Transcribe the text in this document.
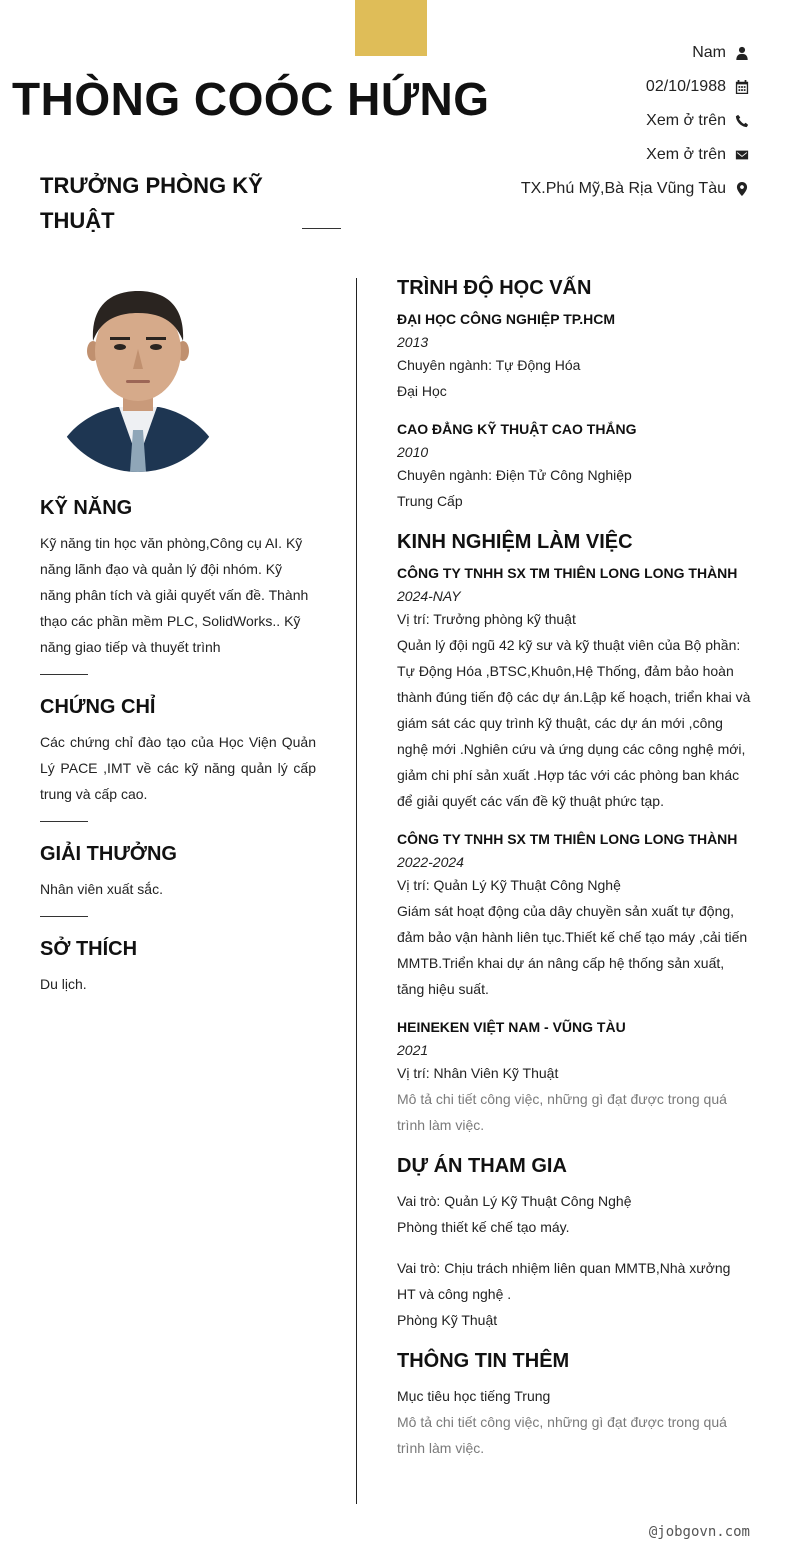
THÒNG COÓC HỨNG
TRƯỞNG PHÒNG KỸ THUẬT
Nam
02/10/1988
Xem ở trên
Xem ở trên
TX.Phú Mỹ,Bà Rịa Vũng Tàu
KỸ NĂNG
Kỹ năng tin học văn phòng,Công cụ AI. Kỹ năng lãnh đạo và quản lý đội nhóm. Kỹ năng phân tích và giải quyết vấn đề. Thành thạo các phần mềm PLC, SolidWorks.. Kỹ năng giao tiếp và thuyết trình
CHỨNG CHỈ
Các chứng chỉ đào tạo của Học Viện Quản Lý PACE ,IMT về các kỹ năng quản lý cấp trung và cấp cao.
GIẢI THƯỞNG
Nhân viên xuất sắc.
SỞ THÍCH
Du lịch.
TRÌNH ĐỘ HỌC VẤN
ĐẠI HỌC CÔNG NGHIỆP TP.HCM
2013
Chuyên ngành: Tự Động Hóa
Đại Học
CAO ĐẲNG KỸ THUẬT CAO THẮNG
2010
Chuyên ngành: Điện Tử Công Nghiệp
Trung Cấp
KINH NGHIỆM LÀM VIỆC
CÔNG TY TNHH SX TM THIÊN LONG LONG THÀNH
2024-NAY
Vị trí: Trưởng phòng kỹ thuật
Quản lý đội ngũ 42 kỹ sư và kỹ thuật viên của Bộ phần: Tự Động Hóa ,BTSC,Khuôn,Hệ Thống, đảm bảo hoàn thành đúng tiến độ các dự án.Lập kế hoạch, triển khai và giám sát các quy trình kỹ thuật, các dự án mới ,công nghệ mới .Nghiên cứu và ứng dụng các công nghệ mới, giảm chi phí sản xuất .Hợp tác với các phòng ban khác để giải quyết các vấn đề kỹ thuật phức tạp.
CÔNG TY TNHH SX TM THIÊN LONG LONG THÀNH
2022-2024
Vị trí: Quản Lý Kỹ Thuật Công Nghệ
Giám sát hoạt động của dây chuyền sản xuất tự động, đảm bảo vận hành liên tục.Thiết kế chế tạo máy ,cải tiến MMTB.Triển khai dự án nâng cấp hệ thống sản xuất, tăng hiệu suất.
HEINEKEN VIỆT NAM - VŨNG TÀU
2021
Vị trí: Nhân Viên Kỹ Thuật
Mô tả chi tiết công việc, những gì đạt được trong quá trình làm việc.
DỰ ÁN THAM GIA
Vai trò: Quản Lý Kỹ Thuật Công Nghệ
Phòng thiết kế chế tạo máy.
Vai trò: Chịu trách nhiệm liên quan MMTB,Nhà xưởng HT và công nghệ .
Phòng Kỹ Thuật
THÔNG TIN THÊM
Mục tiêu học tiếng Trung
Mô tả chi tiết công việc, những gì đạt được trong quá trình làm việc.
@jobgovn.com
